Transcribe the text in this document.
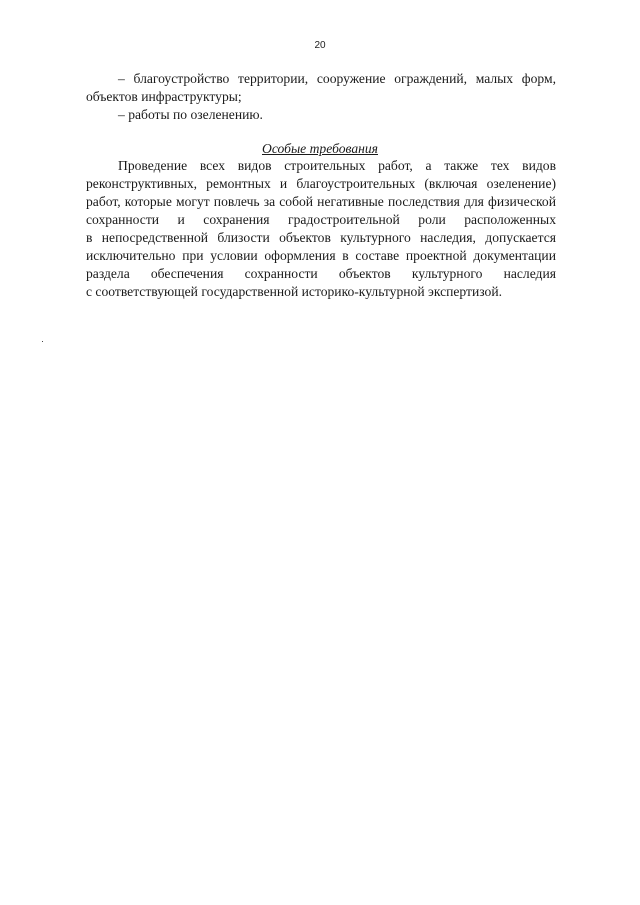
20
– благоустройство территории, сооружение ограждений, малых форм,
объектов инфраструктуры;
– работы по озеленению.
Особые требования
Проведение всех видов строительных работ, а также тех видов
реконструктивных, ремонтных и благоустроительных (включая озеленение)
работ, которые могут повлечь за собой негативные последствия для физической
сохранности и сохранения градостроительной роли расположенных
в непосредственной близости объектов культурного наследия, допускается
исключительно при условии оформления в составе проектной документации
раздела обеспечения сохранности объектов культурного наследия
с соответствующей государственной историко-культурной экспертизой.
